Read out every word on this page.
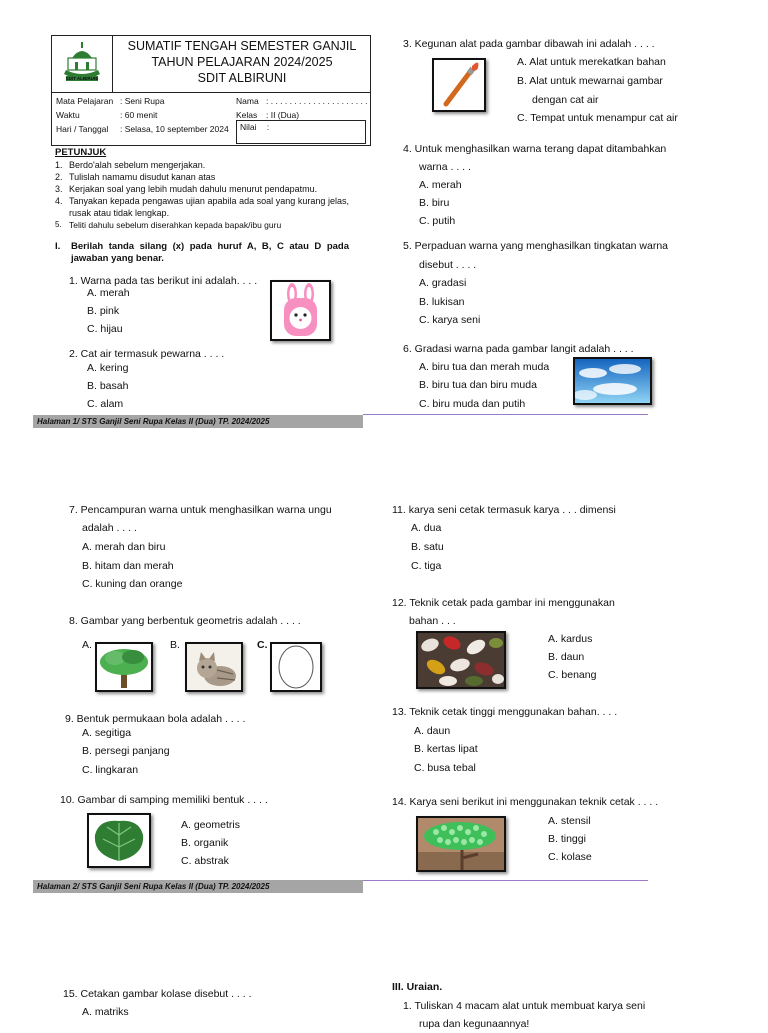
SDIT ALBIRUNI
SUMATIF TENGAH SEMESTER GANJIL
TAHUN PELAJARAN 2024/2025
SDIT ALBIRUNI
Mata Pelajaran : Seni Rupa
Waktu	: 60 menit
Hari / Tanggal : Selasa, 10 september 2024
Nama : . . . . . . . . . . . . . . . . . . . . .
Kelas : II (Dua)
Nilai :
PETUNJUK
1. Berdo'alah sebelum mengerjakan.
2. Tulislah namamu disudut kanan atas
3. Kerjakan soal yang lebih mudah dahulu menurut pendapatmu.
4. Tanyakan kepada pengawas ujian apabila ada soal yang kurang jelas, rusak atau tidak lengkap.
5. Teliti dahulu sebelum diserahkan kepada bapak/ibu guru
I. Berilah tanda silang (x) pada huruf A, B, C atau D pada jawaban yang benar.
1. Warna pada tas berikut ini adalah. . . .
A. merah
B. pink
C. hijau
2. Cat air termasuk pewarna . . . .
A. kering
B. basah
C. alam
3. Kegunan alat pada gambar dibawah ini adalah . . . .
A. Alat untuk merekatkan bahan
B. Alat untuk mewarnai gambar
dengan cat air
C. Tempat untuk menampur cat air
4. Untuk menghasilkan warna terang dapat ditambahkan
warna . . . .
A. merah
B. biru
C. putih
5. Perpaduan warna yang menghasilkan tingkatan warna
disebut . . . .
A. gradasi
B. lukisan
C. karya seni
6. Gradasi warna pada gambar langit adalah . . . .
A. biru tua dan merah muda
B. biru tua dan biru muda
C. biru muda dan putih
Halaman 1/ STS Ganjil Seni Rupa Kelas II (Dua) TP. 2024/2025
7. Pencampuran warna untuk menghasilkan warna ungu
adalah . . . .
A. merah dan biru
B. hitam dan merah
C. kuning dan orange
8. Gambar yang berbentuk geometris adalah . . . .
A.	B.	C.
9. Bentuk permukaan bola adalah . . . .
A. segitiga
B. persegi panjang
C. lingkaran
10. Gambar di samping memiliki bentuk . . . .
A. geometris
B. organik
C. abstrak
11. karya seni cetak termasuk karya . . . dimensi
A. dua
B. satu
C. tiga
12. Teknik cetak pada gambar ini menggunakan
bahan . . .
A. kardus
B. daun
C. benang
13. Teknik cetak tinggi menggunakan bahan. . . .
A. daun
B. kertas lipat
C. busa tebal
14. Karya seni berikut ini menggunakan teknik cetak . . . .
A. stensil
B. tinggi
C. kolase
Halaman 2/ STS Ganjil Seni Rupa Kelas II (Dua) TP. 2024/2025
15. Cetakan gambar kolase disebut . . . .
A. matriks
III. Uraian.
1. Tuliskan 4 macam alat untuk membuat karya seni
rupa dan kegunaannya!
